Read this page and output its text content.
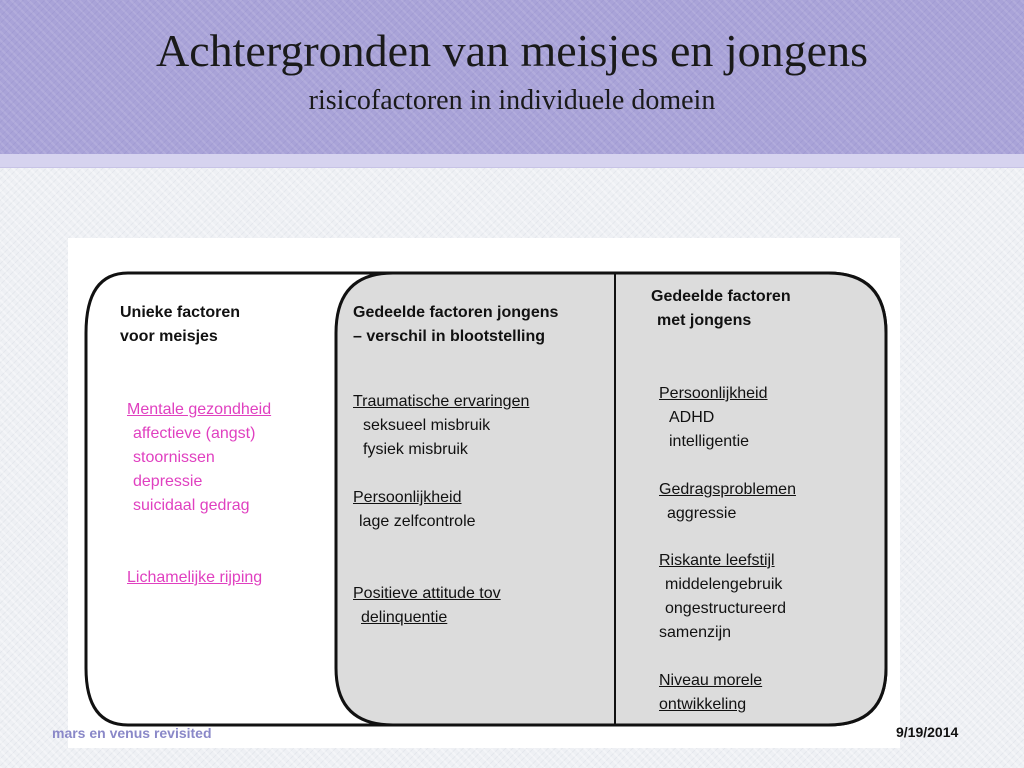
Achtergronden van meisjes en jongens
risicofactoren in individuele domein
Unieke factoren
voor meisjes
Mentale gezondheid
affectieve (angst)
stoornissen
depressie
suicidaal gedrag
Lichamelijke rijping
Gedeelde factoren jongens
– verschil in blootstelling
Traumatische ervaringen
seksueel misbruik
fysiek misbruik
Persoonlijkheid
lage zelfcontrole
Positieve attitude tov
delinquentie
Gedeelde factoren
met jongens
Persoonlijkheid
ADHD
intelligentie
Gedragsproblemen
aggressie
Riskante leefstijl
middelengebruik
ongestructureerd
samenzijn
Niveau morele
ontwikkeling
mars en venus revisited	9/19/2014
